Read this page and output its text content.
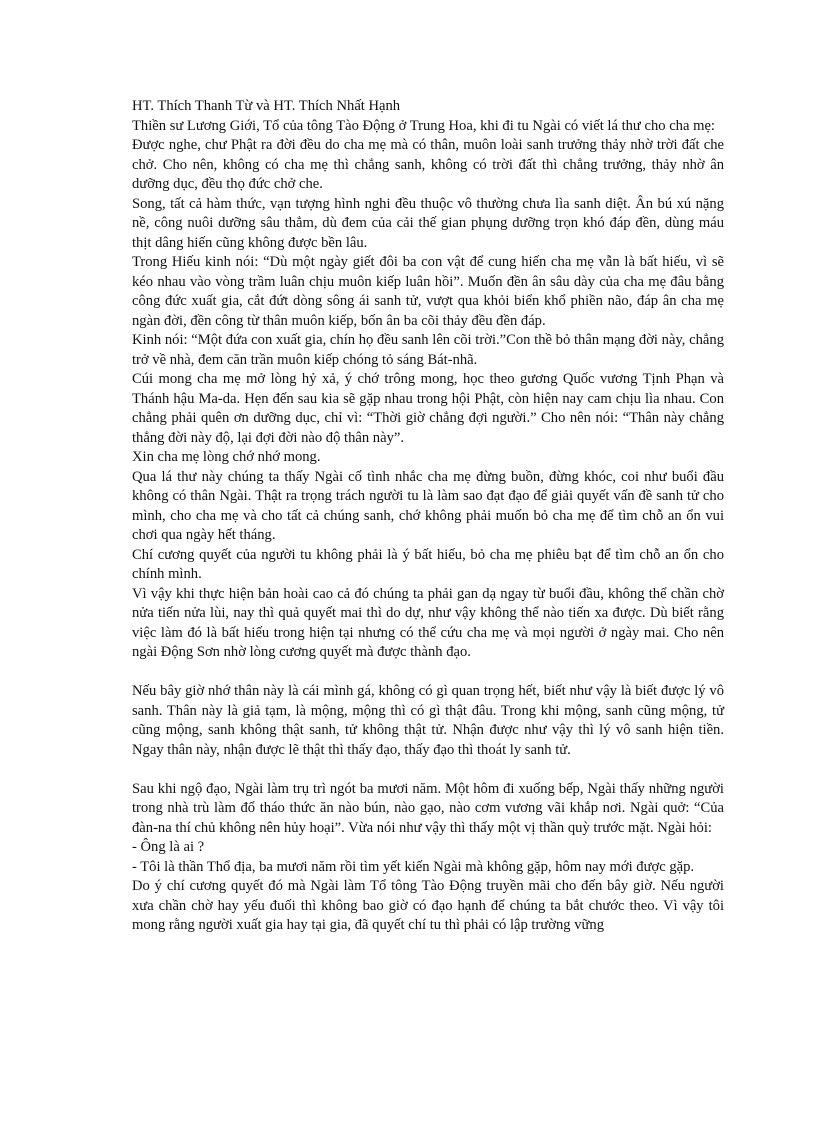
HT. Thích Thanh Từ và HT. Thích Nhất Hạnh

Thiền sư Lương Giới, Tổ của tông Tào Động ở Trung Hoa, khi đi tu Ngài có viết lá thư cho cha mẹ:

Được nghe, chư Phật ra đời đều do cha mẹ mà có thân, muôn loài sanh trưởng thảy nhờ trời đất che chở. Cho nên, không có cha mẹ thì chẳng sanh, không có trời đất thì chẳng trưởng, thảy nhờ ân dưỡng dục, đều thọ đức chở che.

Song, tất cả hàm thức, vạn tượng hình nghi đều thuộc vô thường chưa lìa sanh diệt. Ân bú xú nặng nề, công nuôi dưỡng sâu thẳm, dù đem của cải thế gian phụng dưỡng trọn khó đáp đền, dùng máu thịt dâng hiến cũng không được bền lâu.

Trong Hiếu kinh nói: “Dù một ngày giết đôi ba con vật để cung hiến cha mẹ vẫn là bất hiếu, vì sẽ kéo nhau vào vòng trầm luân chịu muôn kiếp luân hồi”. Muốn đền ân sâu dày của cha mẹ đâu bằng công đức xuất gia, cắt đứt dòng sông ái sanh tử, vượt qua khỏi biển khổ phiền não, đáp ân cha mẹ ngàn đời, đền công từ thân muôn kiếp, bốn ân ba cõi thảy đều đền đáp.

Kinh nói: “Một đứa con xuất gia, chín họ đều sanh lên cõi trời.”Con thề bỏ thân mạng đời này, chẳng trở về nhà, đem căn trần muôn kiếp chóng tỏ sáng Bát-nhã.

Cúi mong cha mẹ mở lòng hỷ xả, ý chớ trông mong, học theo gương Quốc vương Tịnh Phạn và Thánh hậu Ma-da. Hẹn đến sau kia sẽ gặp nhau trong hội Phật, còn hiện nay cam chịu lìa nhau. Con chẳng phải quên ơn dưỡng dục, chỉ vì: “Thời giờ chẳng đợi người.” Cho nên nói: “Thân này chẳng thẳng đời này độ, lại đợi đời nào độ thân này”.

Xin cha mẹ lòng chớ nhớ mong.

Qua lá thư này chúng ta thấy Ngài cố tình nhắc cha mẹ đừng buồn, đừng khóc, coi như buổi đầu không có thân Ngài. Thật ra trọng trách người tu là làm sao đạt đạo để giải quyết vấn đề sanh tử cho mình, cho cha mẹ và cho tất cả chúng sanh, chớ không phải muốn bỏ cha mẹ để tìm chỗ an ổn vui chơi qua ngày hết tháng.

Chí cương quyết của người tu không phải là ý bất hiếu, bỏ cha mẹ phiêu bạt để tìm chỗ an ổn cho chính mình.

Vì vậy khi thực hiện bản hoài cao cả đó chúng ta phải gan dạ ngay từ buổi đầu, không thể chần chờ nửa tiến nửa lùi, nay thì quả quyết mai thì do dự, như vậy không thể nào tiến xa được. Dù biết rằng việc làm đó là bất hiếu trong hiện tại nhưng có thể cứu cha mẹ và mọi người ở ngày mai. Cho nên ngài Động Sơn nhờ lòng cương quyết mà được thành đạo.

Nếu bây giờ nhớ thân này là cái mình gá, không có gì quan trọng hết, biết như vậy là biết được lý vô sanh. Thân này là giả tạm, là mộng, mộng thì có gì thật đâu. Trong khi mộng, sanh cũng mộng, tử cũng mộng, sanh không thật sanh, tử không thật tử. Nhận được như vậy thì lý vô sanh hiện tiền. Ngay thân này, nhận được lẽ thật thì thấy đạo, thấy đạo thì thoát ly sanh tử.

Sau khi ngộ đạo, Ngài làm trụ trì ngót ba mươi năm. Một hôm đi xuống bếp, Ngài thấy những người trong nhà trù làm đổ tháo thức ăn nào bún, nào gạo, nào cơm vương vãi khắp nơi. Ngài quở: “Của đàn-na thí chủ không nên hủy hoại”. Vừa nói như vậy thì thấy một vị thần quỳ trước mặt. Ngài hỏi:

- Ông là ai ?

- Tôi là thần Thổ địa, ba mươi năm rồi tìm yết kiến Ngài mà không gặp, hôm nay mới được gặp.

Do ý chí cương quyết đó mà Ngài làm Tổ tông Tào Động truyền mãi cho đến bây giờ. Nếu người xưa chần chờ hay yếu đuối thì không bao giờ có đạo hạnh để chúng ta bắt chước theo. Vì vậy tôi mong rằng người xuất gia hay tại gia, đã quyết chí tu thì phải có lập trường vững
